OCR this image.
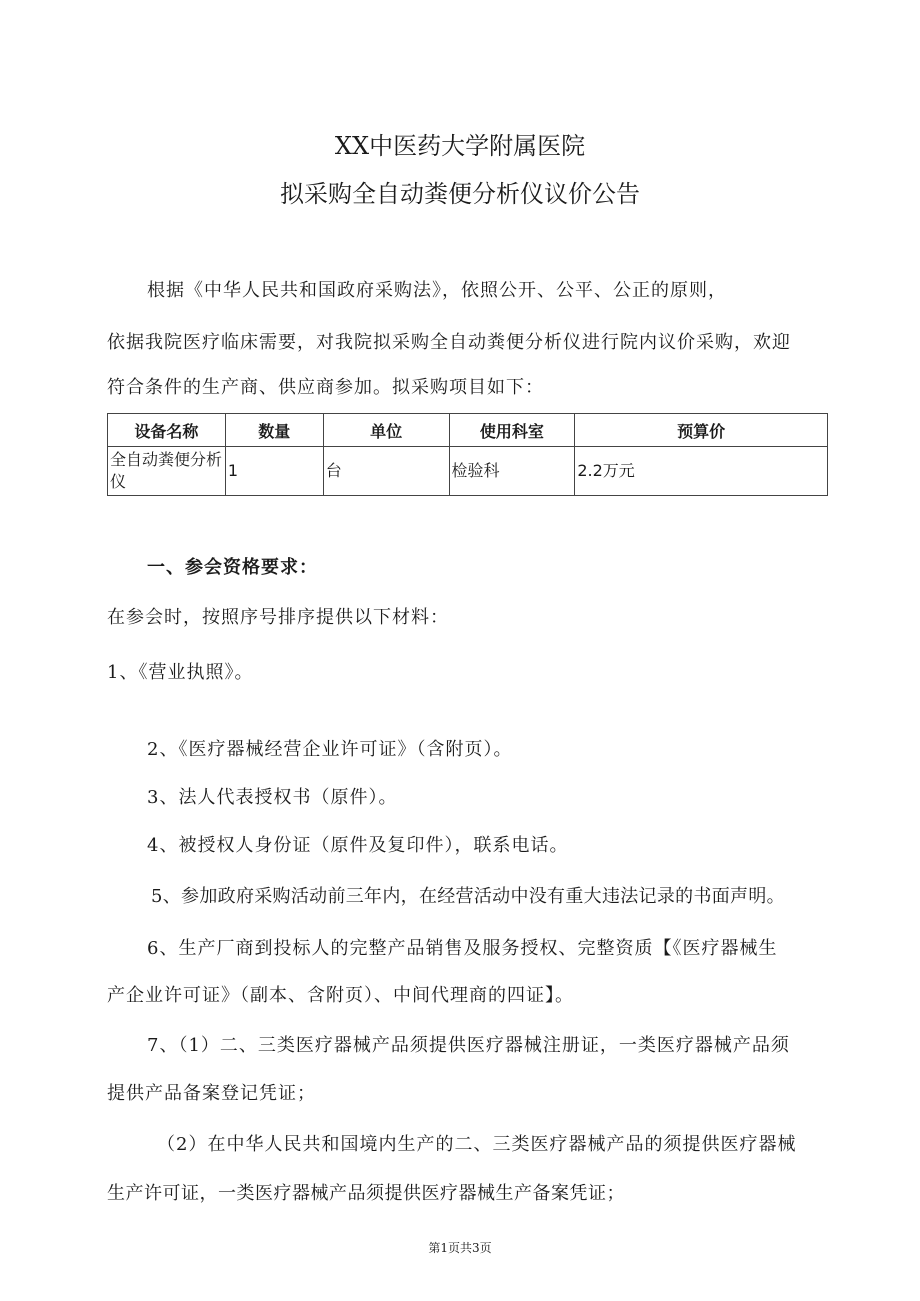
XX中医药大学附属医院
拟采购全自动粪便分析仪议价公告
根据《中华人民共和国政府采购法》，依照公开、公平、公正的原则，
依据我院医疗临床需要，对我院拟采购全自动粪便分析仪进行院内议价采购，欢迎
符合条件的生产商、供应商参加。拟采购项目如下：
设备名称	数量	单位	使用科室	预算价
全自动粪便分析仪	1	台	检验科	2.2万元
一、参会资格要求：
在参会时，按照序号排序提供以下材料：
1、《营业执照》。
2、《医疗器械经营企业许可证》（含附页）。
3、法人代表授权书（原件）。
4、被授权人身份证（原件及复印件），联系电话。
5、参加政府采购活动前三年内，在经营活动中没有重大违法记录的书面声明。
6、生产厂商到投标人的完整产品销售及服务授权、完整资质【《医疗器械生
产企业许可证》（副本、含附页）、中间代理商的四证】。
7、（1）二、三类医疗器械产品须提供医疗器械注册证，一类医疗器械产品须
提供产品备案登记凭证；
（2）在中华人民共和国境内生产的二、三类医疗器械产品的须提供医疗器械
生产许可证，一类医疗器械产品须提供医疗器械生产备案凭证；
第1页共3页
